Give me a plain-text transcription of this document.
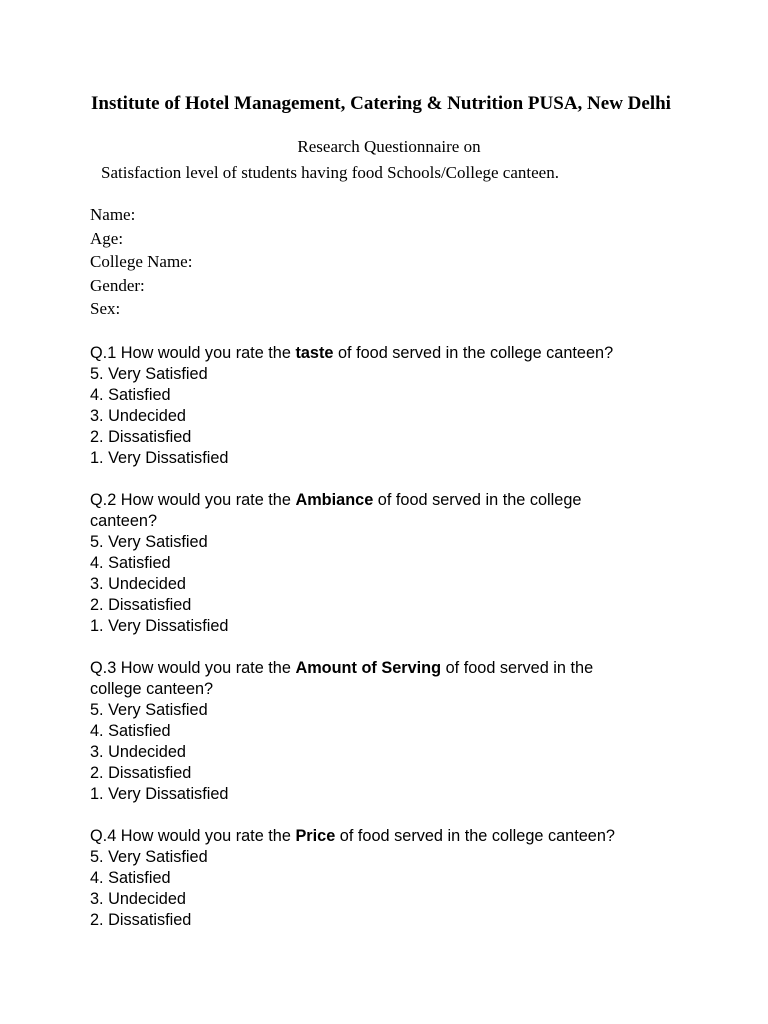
Institute of Hotel Management, Catering & Nutrition PUSA, New Delhi
Research Questionnaire on
Satisfaction level of students having food Schools/College canteen.
Name:
Age:
College Name:
Gender:
Sex:
Q.1 How would you rate the taste of food served in the college canteen?
5. Very Satisfied
4. Satisfied
3. Undecided
2. Dissatisfied
1. Very Dissatisfied
Q.2 How would you rate the Ambiance of food served in the college
canteen?
5. Very Satisfied
4. Satisfied
3. Undecided
2. Dissatisfied
1. Very Dissatisfied
Q.3 How would you rate the Amount of Serving of food served in the
college canteen?
5. Very Satisfied
4. Satisfied
3. Undecided
2. Dissatisfied
1. Very Dissatisfied
Q.4 How would you rate the Price of food served in the college canteen?
5. Very Satisfied
4. Satisfied
3. Undecided
2. Dissatisfied
